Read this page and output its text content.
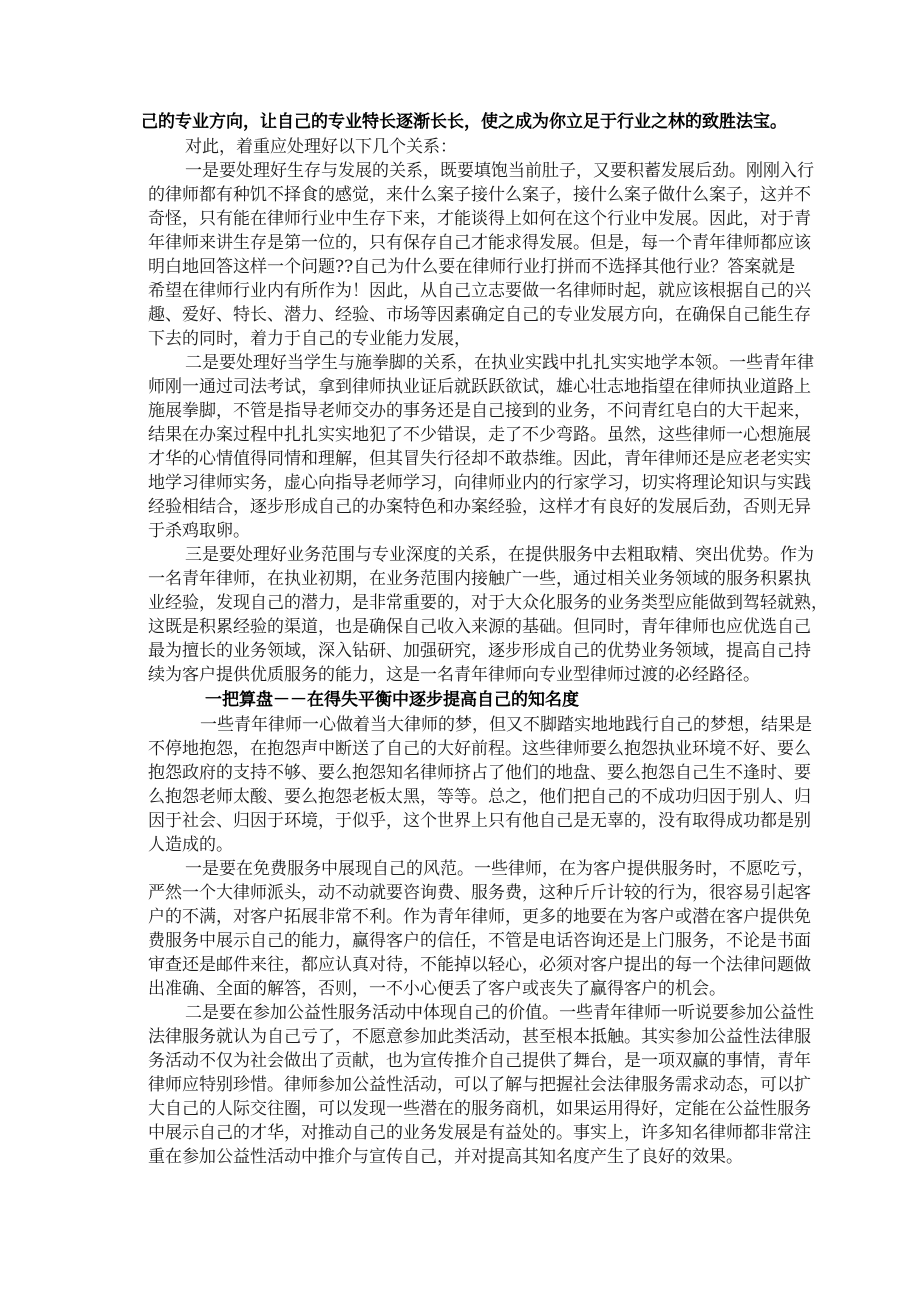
己的专业方向，让自己的专业特长逐渐长长，使之成为你立足于行业之林的致胜法宝。
对此，着重应处理好以下几个关系：
一是要处理好生存与发展的关系，既要填饱当前肚子，又要积蓄发展后劲。刚刚入行
的律师都有种饥不择食的感觉，来什么案子接什么案子，接什么案子做什么案子，这并不
奇怪，只有能在律师行业中生存下来，才能谈得上如何在这个行业中发展。因此，对于青
年律师来讲生存是第一位的，只有保存自己才能求得发展。但是，每一个青年律师都应该
明白地回答这样一个问题??自己为什么要在律师行业打拼而不选择其他行业？答案就是
希望在律师行业内有所作为！因此，从自己立志要做一名律师时起，就应该根据自己的兴
趣、爱好、特长、潜力、经验、市场等因素确定自己的专业发展方向，在确保自己能生存
下去的同时，着力于自己的专业能力发展，
二是要处理好当学生与施拳脚的关系，在执业实践中扎扎实实地学本领。一些青年律
师刚一通过司法考试，拿到律师执业证后就跃跃欲试，雄心壮志地指望在律师执业道路上
施展拳脚，不管是指导老师交办的事务还是自己接到的业务，不问青红皂白的大干起来，
结果在办案过程中扎扎实实地犯了不少错误，走了不少弯路。虽然，这些律师一心想施展
才华的心情值得同情和理解，但其冒失行径却不敢恭维。因此，青年律师还是应老老实实
地学习律师实务，虚心向指导老师学习，向律师业内的行家学习，切实将理论知识与实践
经验相结合，逐步形成自己的办案特色和办案经验，这样才有良好的发展后劲，否则无异
于杀鸡取卵。
三是要处理好业务范围与专业深度的关系，在提供服务中去粗取精、突出优势。作为
一名青年律师，在执业初期，在业务范围内接触广一些，通过相关业务领域的服务积累执
业经验，发现自己的潜力，是非常重要的，对于大众化服务的业务类型应能做到驾轻就熟，
这既是积累经验的渠道，也是确保自己收入来源的基础。但同时，青年律师也应优选自己
最为擅长的业务领域，深入钻研、加强研究，逐步形成自己的优势业务领域，提高自己持
续为客户提供优质服务的能力，这是一名青年律师向专业型律师过渡的必经路径。
一把算盘－－在得失平衡中逐步提高自己的知名度
一些青年律师一心做着当大律师的梦，但又不脚踏实地地践行自己的梦想，结果是
不停地抱怨，在抱怨声中断送了自己的大好前程。这些律师要么抱怨执业环境不好、要么
抱怨政府的支持不够、要么抱怨知名律师挤占了他们的地盘、要么抱怨自己生不逢时、要
么抱怨老师太酸、要么抱怨老板太黑，等等。总之，他们把自己的不成功归因于别人、归
因于社会、归因于环境，于似乎，这个世界上只有他自己是无辜的，没有取得成功都是别
人造成的。
一是要在免费服务中展现自己的风范。一些律师，在为客户提供服务时，不愿吃亏，
严然一个大律师派头，动不动就要咨询费、服务费，这种斤斤计较的行为，很容易引起客
户的不满，对客户拓展非常不利。作为青年律师，更多的地要在为客户或潜在客户提供免
费服务中展示自己的能力，赢得客户的信任，不管是电话咨询还是上门服务，不论是书面
审查还是邮件来往，都应认真对待，不能掉以轻心，必须对客户提出的每一个法律问题做
出准确、全面的解答，否则，一不小心便丢了客户或丧失了赢得客户的机会。
二是要在参加公益性服务活动中体现自己的价值。一些青年律师一听说要参加公益性
法律服务就认为自己亏了，不愿意参加此类活动，甚至根本抵触。其实参加公益性法律服
务活动不仅为社会做出了贡献，也为宣传推介自己提供了舞台，是一项双赢的事情，青年
律师应特别珍惜。律师参加公益性活动，可以了解与把握社会法律服务需求动态，可以扩
大自己的人际交往圈，可以发现一些潜在的服务商机，如果运用得好，定能在公益性服务
中展示自己的才华，对推动自己的业务发展是有益处的。事实上，许多知名律师都非常注
重在参加公益性活动中推介与宣传自己，并对提高其知名度产生了良好的效果。
